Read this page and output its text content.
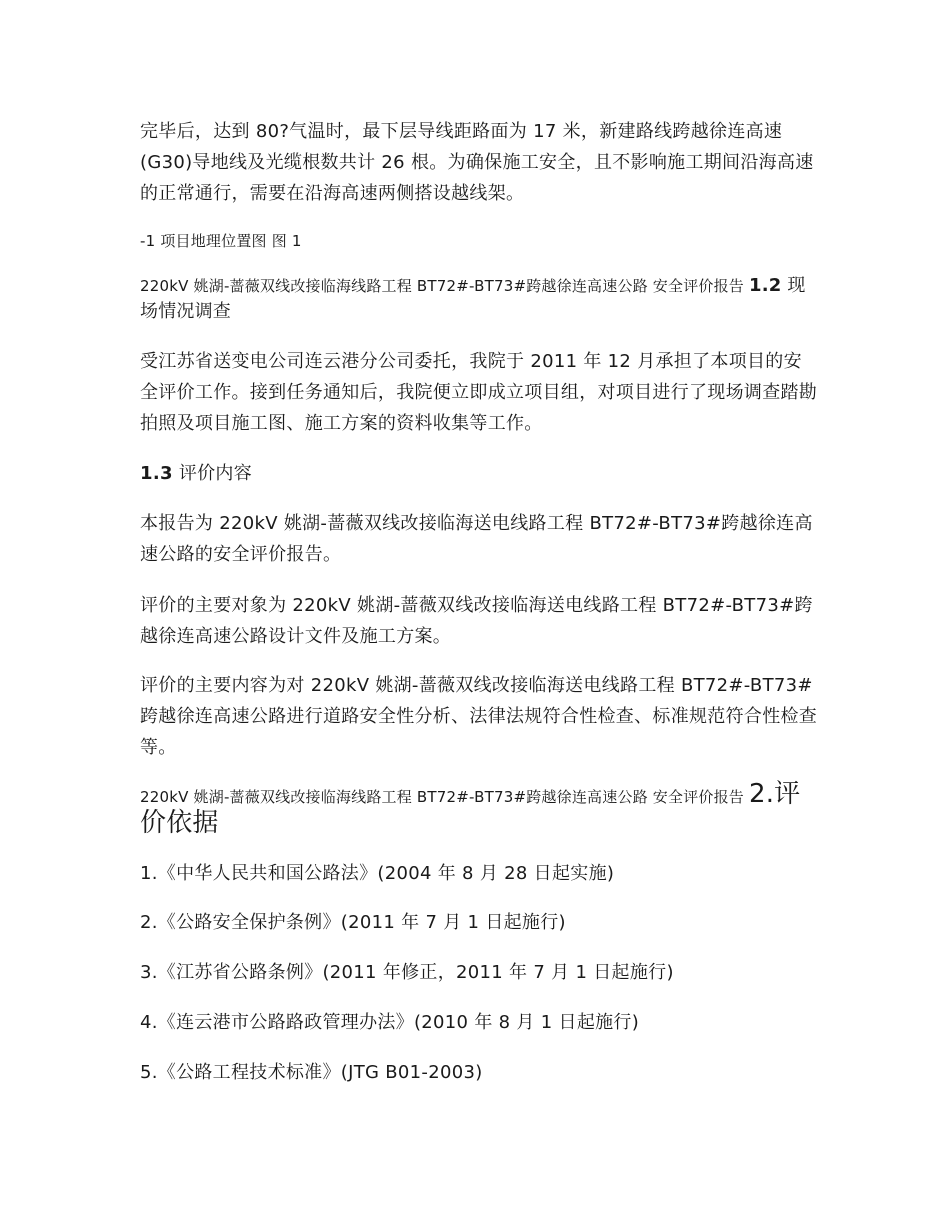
完毕后，达到 80?气温时，最下层导线距路面为 17 米，新建路线跨越徐连高速(G30)导地线及光缆根数共计 26 根。为确保施工安全，且不影响施工期间沿海高速的正常通行，需要在沿海高速两侧搭设越线架。

-1 项目地理位置图 图 1

220kV 姚湖-蔷薇双线改接临海线路工程 BT72#-BT73#跨越徐连高速公路 安全评价报告 1.2 现场情况调查

受江苏省送变电公司连云港分公司委托，我院于 2011 年 12 月承担了本项目的安全评价工作。接到任务通知后，我院便立即成立项目组，对项目进行了现场调查踏勘拍照及项目施工图、施工方案的资料收集等工作。

1.3 评价内容

本报告为 220kV 姚湖-蔷薇双线改接临海送电线路工程 BT72#-BT73#跨越徐连高速公路的安全评价报告。

评价的主要对象为 220kV 姚湖-蔷薇双线改接临海送电线路工程 BT72#-BT73#跨越徐连高速公路设计文件及施工方案。

评价的主要内容为对 220kV 姚湖-蔷薇双线改接临海送电线路工程 BT72#-BT73#跨越徐连高速公路进行道路安全性分析、法律法规符合性检查、标准规范符合性检查等。

220kV 姚湖-蔷薇双线改接临海线路工程 BT72#-BT73#跨越徐连高速公路 安全评价报告 2.评价依据

1.《中华人民共和国公路法》(2004 年 8 月 28 日起实施)

2.《公路安全保护条例》(2011 年 7 月 1 日起施行)

3.《江苏省公路条例》(2011 年修正，2011 年 7 月 1 日起施行)

4.《连云港市公路路政管理办法》(2010 年 8 月 1 日起施行)

5.《公路工程技术标准》(JTG B01-2003)
